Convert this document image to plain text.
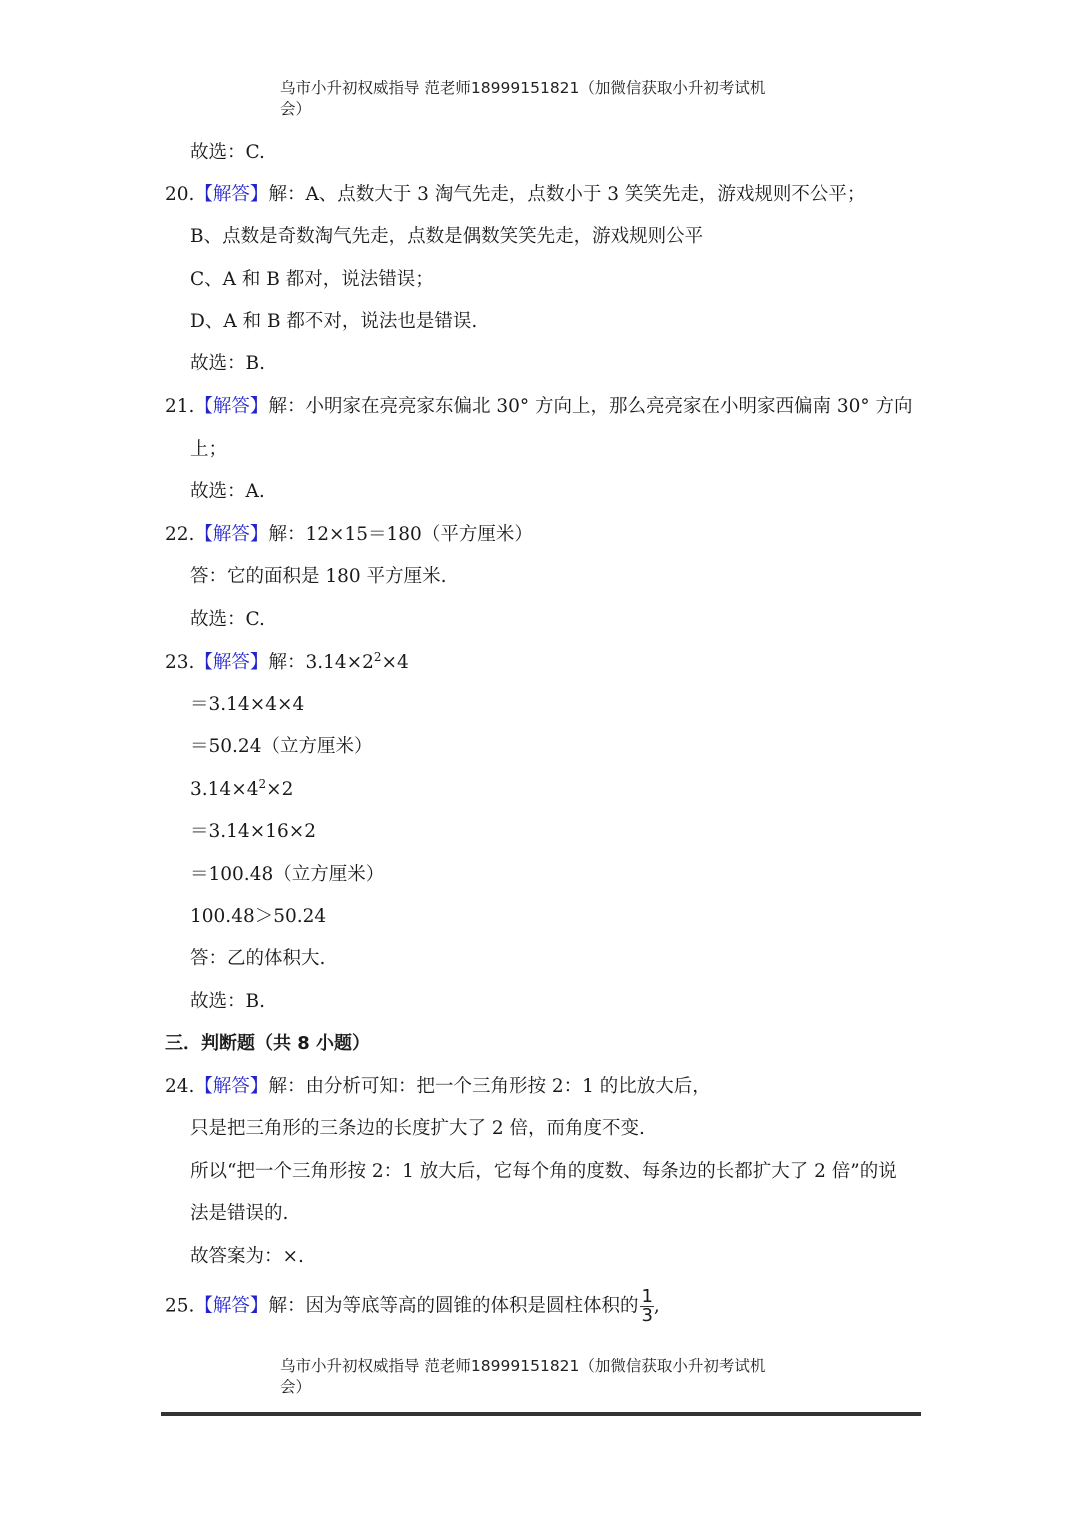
乌市小升初权威指导 范老师18999151821（加微信获取小升初考试机
会）
故选：C.
20.【解答】解：A、点数大于 3 淘气先走，点数小于 3 笑笑先走，游戏规则不公平；
B、点数是奇数淘气先走，点数是偶数笑笑先走，游戏规则公平
C、A 和 B 都对，说法错误；
D、A 和 B 都不对，说法也是错误.
故选：B.
21.【解答】解：小明家在亮亮家东偏北 30° 方向上，那么亮亮家在小明家西偏南 30° 方向
上；
故选：A.
22.【解答】解：12×15＝180（平方厘米）
答：它的面积是 180 平方厘米.
故选：C.
23.【解答】解：$3.14\times 2^2\times 4$
＝3.14×4×4
＝50.24（立方厘米）
$3.14\times 4^2\times 2$
＝3.14×16×2
＝100.48（立方厘米）
100.48＞50.24
答：乙的体积大.
故选：B.
三．判断题（共 8 小题）
24.【解答】解：由分析可知：把一个三角形按 2：1 的比放大后，
只是把三角形的三条边的长度扩大了 2 倍，而角度不变.
所以“把一个三角形按 2：1 放大后，它每个角的度数、每条边的长都扩大了 2 倍”的说
法是错误的.
故答案为：×.
25.【解答】解：因为等底等高的圆锥的体积是圆柱体积的 $\frac{1}{3}$ ,
乌市小升初权威指导 范老师18999151821（加微信获取小升初考试机
会）
